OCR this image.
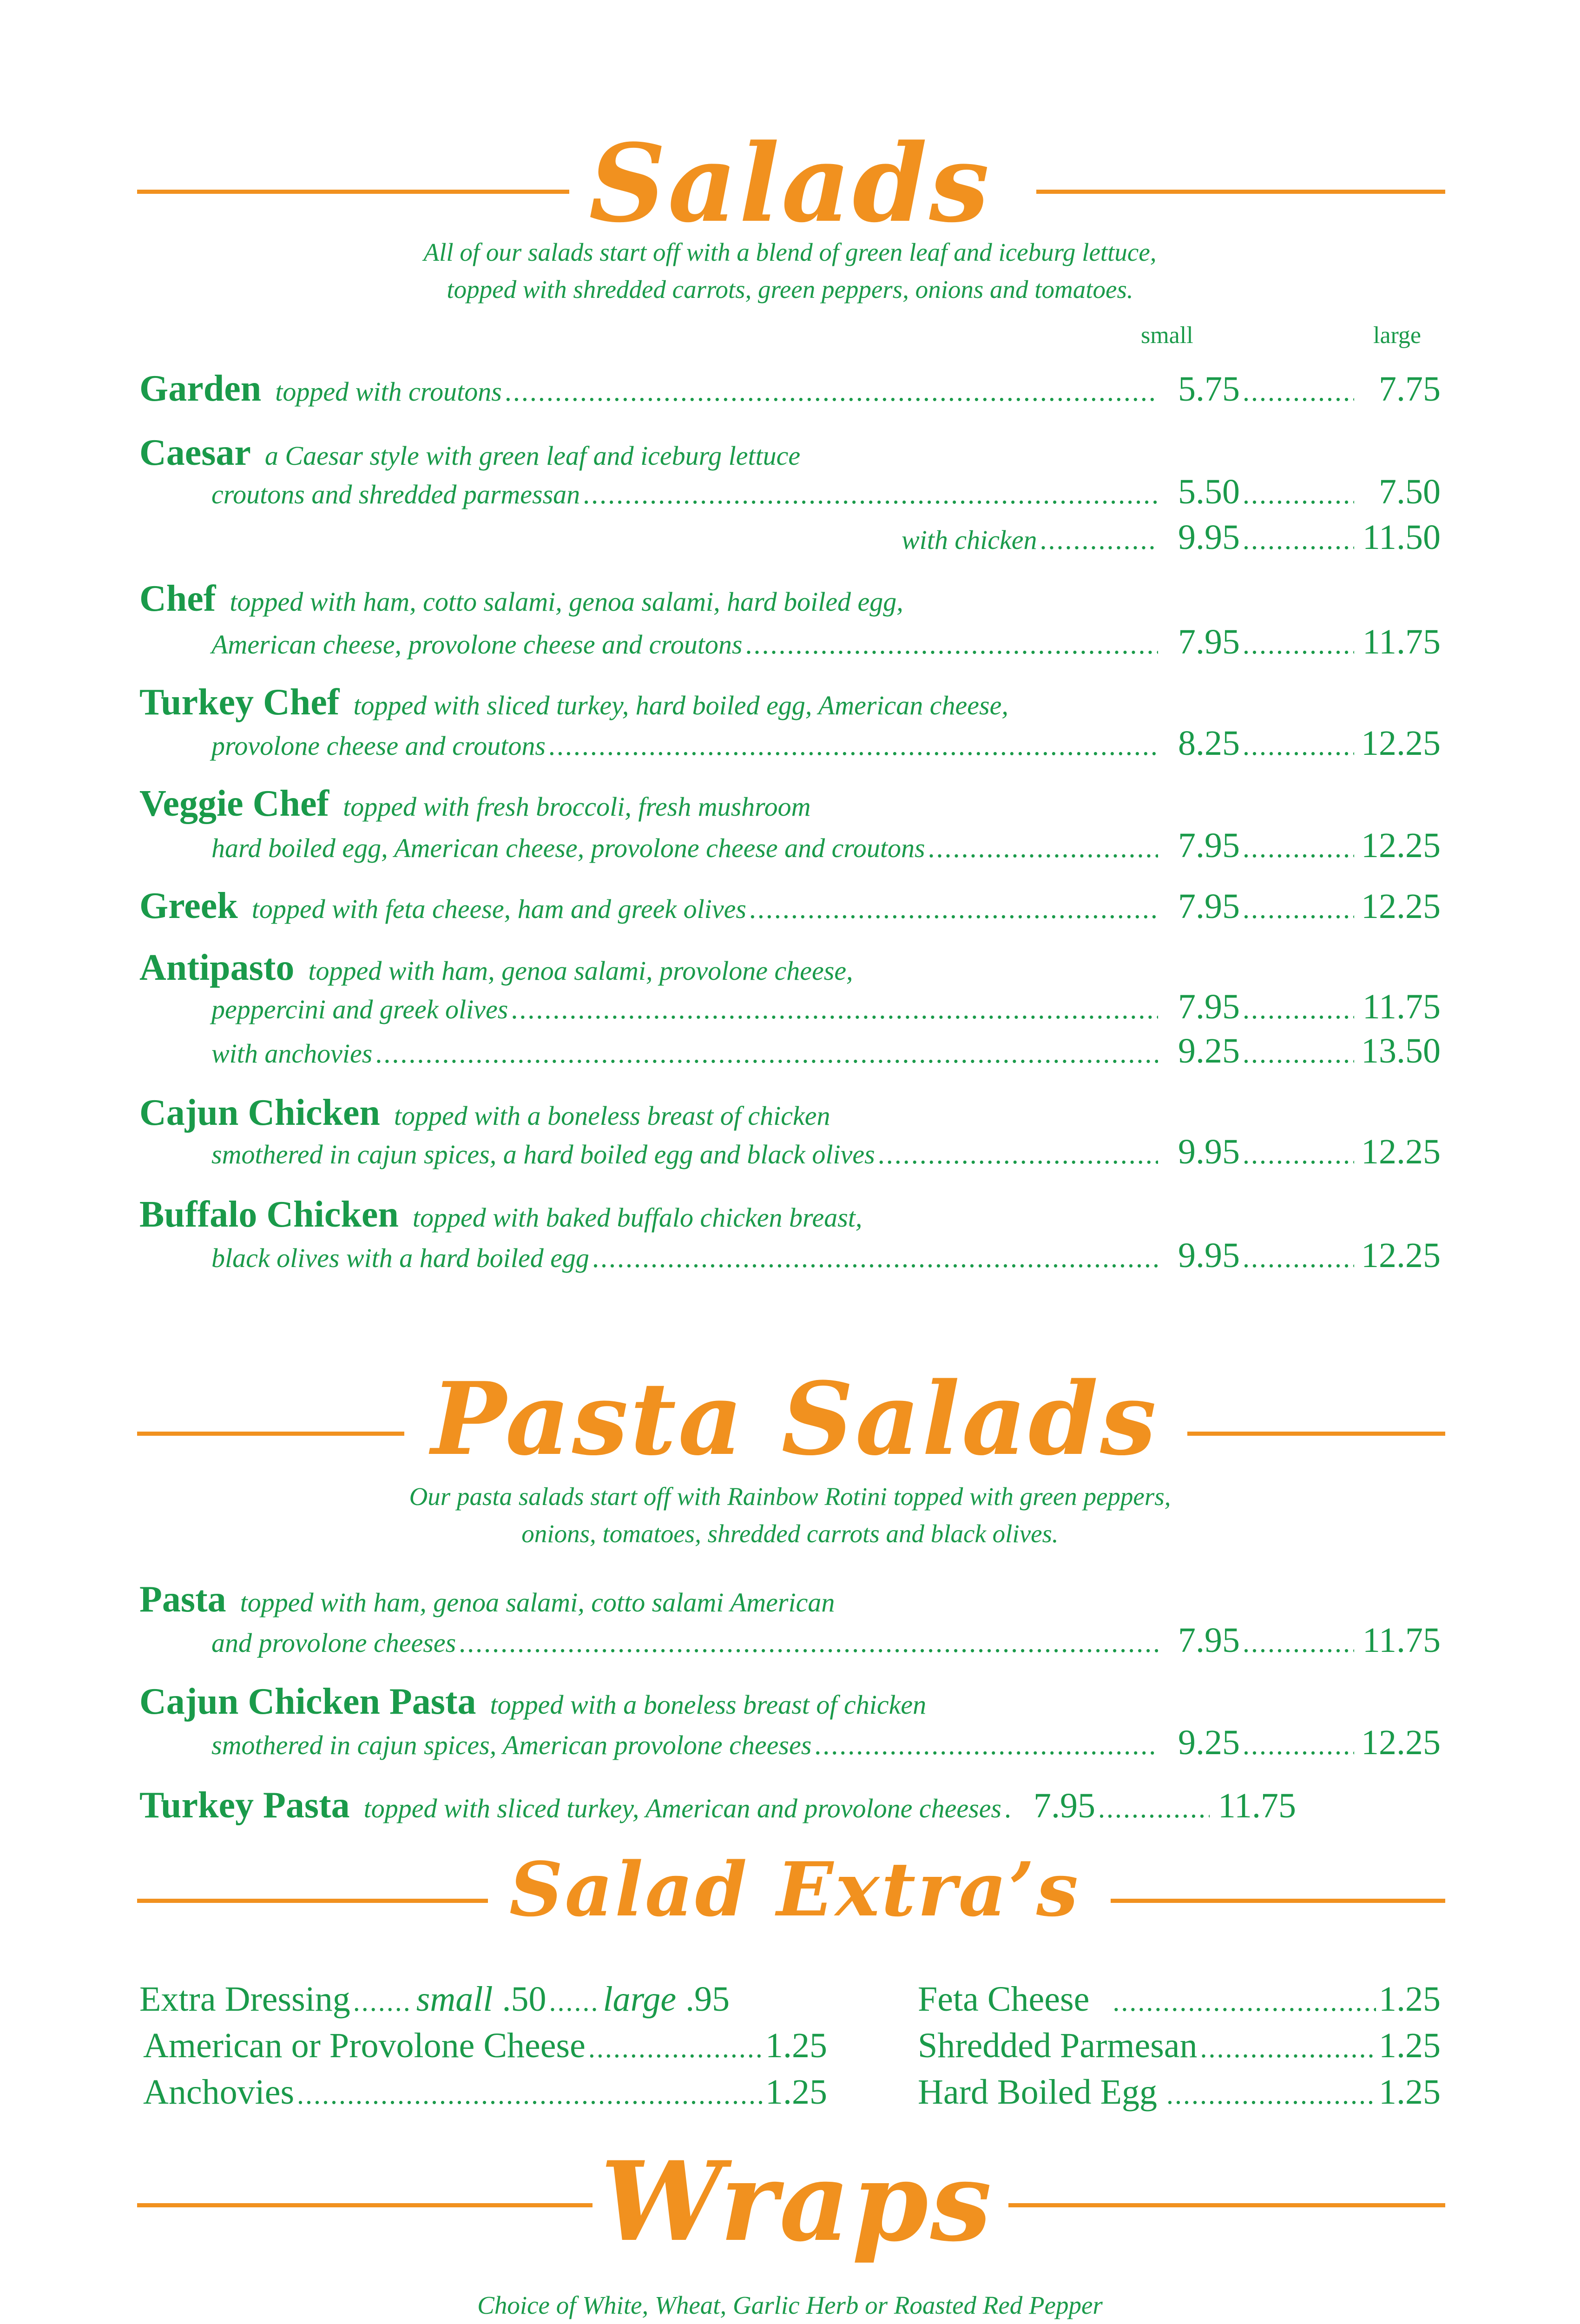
Salads
All of our salads start off with a blend of green leaf and iceburg lettuce,
topped with shredded carrots, green peppers, onions and tomatoes.
small	large
Garden topped with croutons .....	5.75 .....	7.75
Caesar a Caesar style with green leaf and iceburg lettuce
croutons and shredded parmessan .....	5.50 .....	7.50
with chicken .....	9.95 .....	11.50
Chef topped with ham, cotto salami, genoa salami, hard boiled egg,
American cheese, provolone cheese and croutons .....	7.95 .....	11.75
Turkey Chef topped with sliced turkey, hard boiled egg, American cheese,
provolone cheese and croutons .....	8.25 .....	12.25
Veggie Chef topped with fresh broccoli, fresh mushroom
hard boiled egg, American cheese, provolone cheese and croutons .....	7.95 .....	12.25
Greek topped with feta cheese, ham and greek olives .....	7.95 .....	12.25
Antipasto topped with ham, genoa salami, provolone cheese,
peppercini and greek olives .....	7.95 .....	11.75
with anchovies .....	9.25 .....	13.50
Cajun Chicken topped with a boneless breast of chicken
smothered in cajun spices, a hard boiled egg and black olives .....	9.95 .....	12.25
Buffalo Chicken topped with baked buffalo chicken breast,
black olives with a hard boiled egg .....	9.95 .....	12.25
Pasta Salads
Our pasta salads start off with Rainbow Rotini topped with green peppers,
onions, tomatoes, shredded carrots and black olives.
Pasta topped with ham, genoa salami, cotto salami American
and provolone cheeses .....	7.95 .....	11.75
Cajun Chicken Pasta topped with a boneless breast of chicken
smothered in cajun spices, American provolone cheeses .....	9.25 .....	12.25
Turkey Pasta topped with sliced turkey, American and provolone cheeses ..... 7.95 .....	11.75
Salad Extra’s
Extra Dressing ..... small .50 ..... large .95
American or Provolone Cheese .....	1.25
Anchovies .....	1.25
Feta Cheese .....	1.25
Shredded Parmesan .....	1.25
Hard Boiled Egg .....	1.25
Wraps
Choice of White, Wheat, Garlic Herb or Roasted Red Pepper
